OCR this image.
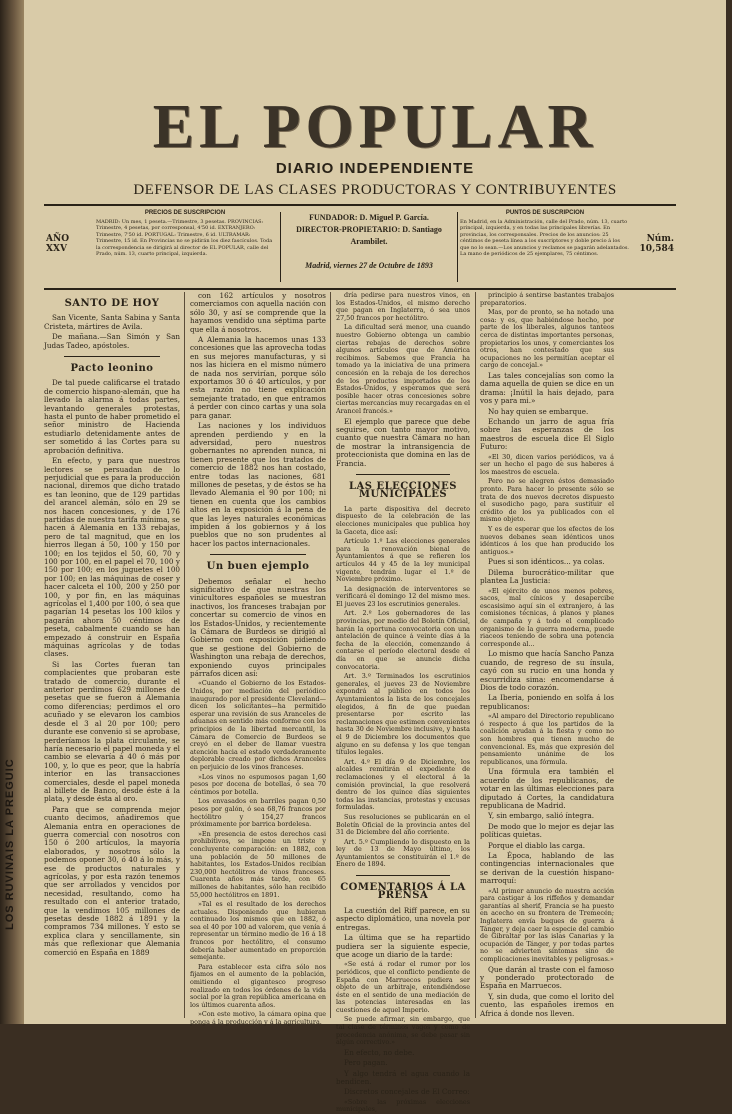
LOS RUVINAIS LA PREGUIC
EL POPULAR
DIARIO INDEPENDIENTE
DEFENSOR DE LAS CLASES PRODUCTORAS Y CONTRIBUYENTES
AÑO XXV
PRECIOS DE SUSCRIPCION
MADRID: Un mes, 1 peseta.—Trimestre, 3 pesetas. PROVINCIAS: Trimestre, 4 pesetas, por corresponsal, 4'50 id. EXTRANJERO: Trimestre, 7'50 id. PORTUGAL: Trimestre, 6 id. ULTRAMAR: Trimestre, 15 id. En Provincias no se pidirán los diez fascículos. Toda la correspondencia se dirigirá al director de EL POPULAR, calle del Prado, núm. 13, cuarto principal, izquierda.
FUNDADOR: D. Miguel P. García.
DIRECTOR-PROPIETARIO: D. Santiago Arambilet.
Madrid, viernes 27 de Octubre de 1893
PUNTOS DE SUSCRIPCION
En Madrid, en la Administración, calle del Prado, núm. 13, cuarto principal, izquierda, y en todas las principales librerías. En provincias, los corresponsales. Precios de los anuncios: 25 céntimos de peseta línea a los suscriptores y doble precio á los que no lo sean.—Los anuncios y reclamos se pagarán adelantados. La mano de periódicos de 25 ejemplares, 75 céntimos.
Núm. 10,584
SANTO DE HOY

San Vicente, Santa Sabina y Santa Cristeta, mártires de Avila.

De mañana.—San Simón y San Judas Tadeo, apóstoles.

Pacto leonino

De tal puede calificarse el tratado de comercio hispano-alemán, que ha llevado la alarma á todas partes, levantando generales protestas, hasta el punto de haber prometido el señor ministro de Hacienda estudiarlo detenidamente antes de ser sometido á las Cortes para su aprobación definitiva.

En efecto, y para que nuestros lectores se persuadan de lo perjudicial que es para la producción nacional, diremos que dicho tratado es tan leonino, que de 129 partidas del arancel alemán, sólo en 29 se nos hacen concesiones, y de 176 partidas de nuestra tarifa mínima, se hacen á Alemania en 133 rebajas, pero de tal magnitud, que en los hierros llegan á 50, 100 y 150 por 100; en los tejidos el 50, 60, 70 y 100 por 100, en el papel el 70, 100 y 150 por 100; en los juguetes el 100 por 100; en las máquinas de coser y hacer calceta el 100, 200 y 250 por 100, y por fin, en las máquinas agrícolas el 1,400 por 100, ó sea que pagarían 14 pesetas los 100 kilos y pagarán ahora 50 céntimos de peseta, cabalmente cuando se han empezado á construir en España máquinas agrícolas y de todas clases.

Si las Cortes fueran tan complacientes que probaran este tratado de comercio, durante el anterior perdimos 629 millones de pesetas que se fueron á Alemania como diferencias; perdimos el oro acuñado y se elevaron los cambios desde el 3 al 20 por 100; pero durante ese convenio si se aprobase, perderíamos la plata circulante, se haría necesario el papel moneda y el cambio se elevaría á 40 ó más por 100, y, lo que es peor, que la habría interior en las transacciones comerciales, desde el papel moneda al billete de Banco, desde éste á la plata, y desde ésta al oro.

Para que se comprenda mejor cuanto decimos, añadiremos que Alemania entra en operaciones de guerra comercial con nosotros con 150 ó 200 artículos, la mayoría elaborados, y nosotros sólo la podemos oponer 30, ó 40 á lo más, y ese de productos naturales y agrícolas, y por esta razón tenemos que ser arrollados y vencidos por necesidad, resultando, como ha resultado con el anterior tratado, que la vendimos 105 millones de pesetas desde 1882 á 1891 y la compramos 734 millones. Y esto se explica clara y sencillamente, sin más que reflexionar que Alemania comerció en España en 1889

con 162 artículos y nosotros comerciamos con aquella nación con sólo 30, y así se comprende que la hayamos vendido una séptima parte que ella á nosotros.

A Alemania la hacemos unas 133 concesiones que las aprovecha todas en sus mejores manufacturas, y si nos las hiciera en el mismo número de nada nos servirían, porque sólo exportamos 30 ó 40 artículos, y por esta razón no tiene explicación semejante tratado, en que entramos á perder con cinco cartas y una sola para ganar.

Las naciones y los individuos aprenden perdiendo y en la adversidad, pero nuestros gobernantes no aprenden nunca, ni tienen presente que los tratados de comercio de 1882 nos han costado, entre todas las naciones, 681 millones de pesetas, y de éstos se ha llevado Alemania el 90 por 100; ni tienen en cuenta que los cambios altos en la exposición á la pena de que las leyes naturales económicas impiden á los gobiernos y á los pueblos que no son prudentes al hacer los pactos internacionales.

Un buen ejemplo

Debemos señalar el hecho significativo de que nuestras los vinicultores españoles se muestran inactivos, los franceses trabajan por concertar su comercio de vinos en los Estados-Unidos, y recientemente la Cámara de Burdeos se dirigió al Gobierno con exposición pidiendo que se gestione del Gobierno de Washington una rebaja de derechos, exponiendo cuyos principales párrafos dicen así:

«Cuando el Gobierno de los Estados-Unidos, por mediación del periódico inaugurado por el presidente Cleveland—dicen los solicitantes—ha permitido esperar una revisión de sus Aranceles de aduanas en sentido más conforme con los principios de la libertad mercantil, la Cámara de Comercio de Burdeos se creyó en el deber de llamar vuestra atención hacia el estado verdaderamente deplorable creado por dichos Aranceles en perjuicio de los vinos franceses.

»Los vinos no espumosos pagan 1,60 pesos por docena de botellas, ó sea 70 céntimos por botella.

Los envasados en barriles pagan 0,50 pesos por galón, ó sea 68,76 francos por hectólitro y 154,27 francos próximamente por barrica bordelesa.

»En presencia de estos derechos casi prohibitivos, se impone un triste y concluyente comparación: en 1882, con una población de 50 millones de habitantes, los Estados-Unidos recibían 230,000 hectólitros de vinos franceses. Cuarenta años más tarde, con 65 millones de habitantes, sólo han recibido 55,000 hectólitros en 1891.

»Tal es el resultado de los derechos actuales. Disponiendo que hubieran continuado los mismos que en 1882, ó sea el 40 por 100 ad valorem, que venía á representar un término medio de 16 á 18 francos por hectólitro, el consumo debería haber aumentado en proporción semejante.

Para establecer esta cifra sólo nos fijamos en el aumento de la población, omitiendo el gigantesco progreso realizado en todos los órdenes de la vida social por la gran república americana en los últimos cuarenta años.

»Con este motivo, la cámara opina que ponga á la producción y á la agricultura.

dría pedirse para nuestros vinos, en los Estados-Unidos, el mismo derecho que pagan en Inglaterra, ó sea unos 27,50 francos por hectólitro.

La dificultad será menor, una cuando nuestro Gobierno obtenga un cambio ciertas rebajas de derechos sobre algunos artículos que de América recibimos. Sabemos que Francia ha tomado ya la iniciativa de una primera concesión en la rebaja de los derechos de los productos importados de los Estados-Unidos, y esperamos que será posible hacer otras concesiones sobre ciertas mercancías muy recargadas en el Arancel francés.»

El ejemplo que parece que debe seguirse, con tanto mayor motivo, cuanto que nuestra Cámara no han de mostrar la intransigencia de proteccionista que domina en las de Francia.

LAS ELECCIONES MUNICIPALES

La parte dispositiva del decreto dispuesto de la celebración de las elecciones municipales que publica hoy la Gaceta, dice así:

Artículo 1.º Las elecciones generales para la renovación bienal de Ayuntamientos á que se refieren los artículos 44 y 45 de la ley municipal vigente, tendrán lugar el 1.º de Noviembre próximo.

La designación de interventores se verificará el domingo 12 del mismo mes. El jueves 23 los escrutinios generales.

Art. 2.º Los gobernadores de las provincias, por medio del Boletín Oficial, harán la oportuna convocatoria con una antelación de quince á veinte días á la fecha de la elección, comenzando á contarse el período electoral desde el día en que se anuncie dicha convocatoria.

Art. 3.º Terminados los escrutinios generales, el jueves 23 de Noviembre expondrá al público en todos los Ayuntamientos la lista de los concejales elegidos, á fin de que puedan presentarse por escrito las reclamaciones que estimen convenientes hasta 30 de Noviembre inclusive, y hasta el 9 de Diciembre los documentos que alguno en su defensa y los que tengan títulos legales.

Art. 4.º El día 9 de Diciembre, los alcaldes remitirán el expediente de reclamaciones y el electoral á la comisión provincial, la que resolverá dentro de los quince días siguientes todas las instancias, protestas y excusas formuladas.

Sus resoluciones se publicarán en el Boletín Oficial de la provincia antes del 31 de Diciembre del año corriente.

Art. 5.º Cumpliendo lo dispuesto en la ley de 13 de Mayo último, los Ayuntamientos se constituirán el 1.º de Enero de 1894.

COMENTARIOS Á LA PRENSA

La cuestión del Riff parece, en su aspecto diplomático, una novela por entregas.

La última que se ha repartido pudiera ser la siguiente especie, que acoge un diario de la tarde:

«Se está á rodar el rumor por los periódicos, que el conflicto pendiente de España con Marruecos pudiera ser objeto de un arbitraje, entendiéndose éste en el sentido de una mediación de las potencias interesadas en las cuestiones de aquel Imperio.

Se puede afirmar, sin embargo, que tal clase de términos vagos y como de procedencia anónima, se debe pasar sin algún correctivo.»

En efecto, no debe.

Pero pagan.

Y algo tendrá el agua cuando la bendicen.

Discretos concejales de El Correo:

«Sobre las próximas elecciones municipales,

principio á sentirse bastantes trabajos preparatorios.

Mas, por de pronto, se ha notado una cosa: y es, que habiéndose hecho, por parte de los liberales, algunos tanteos cerca de distintas importantes personas, propietarios los unos, y comerciantes los otros, han contestado que sus ocupaciones no les permitían aceptar el cargo de concejal.»

Las tales concejalías son como la dama aquella de quien se dice en un drama: ¡Inútil la hais dejado, para vos y para mi.»

No hay quien se embarque.

Echando un jarro de agua fría sobre las esperanzas de los maestros de escuela dice El Siglo Futuro:

«El 30, dicen varios periódicos, va á ser un hecho el pago de sus haberes á los maestros de escuela.

Pero no se alegren éstos demasiado pronto. Para hacer lo presente sólo se trata de dos nuevos decretos dispuesto el susodicho pago, para sustituir el crédito de los ya publicados con el mismo objeto.

Y es de esperar que los efectos de los nuevos debanes sean idénticos unos idénticos á los que han producido los antiguos.»

Pues si son idénticos... ya colas.

Dilema burocrático-militar que plantea La Justicia:

«El ejército de unos menos pobres, sacos, mal cínicos y desapercibe escasisimo aquí sin el extranjero, á las comisiones técnicas, á planos y planes de campaña y á todo el complicado organismo de la guerra moderna, puede riaceos teniendo de sobra una potencia corresponde al...

Lo mismo que hacía Sancho Panza cuando, de regreso de su ínsula, cayó con su rucio en una honda y escurridiza sima: encomendarse á Dios de todo corazón.

La Iberia, poniendo en solfa á los republicanos:

«Al amparo del Directorio republicano ó respecto á que los partidos de la coalición ayudan á la fiesta y como no son hombres que tienen mucho de convencional. Es, más que expresión del pensamiento unánime de los republicanos, una fórmula.

Una fórmula era también el acuerdo de los republicanos, de votar en las últimas elecciones para diputado á Cortes, la candidatura republicana de Madrid.

Y, sin embargo, salió íntegra.

De modo que lo mejor es dejar las políticas quietas.

Porque el diablo las carga.

La Época, hablando de las contingencias internacionales que se derivan de la cuestión hispano-marroquí:

«Al primer anuncio de nuestra acción para castigar á los riffeños y demandar garantías al sherif, Francia se ha puesto en acecho en su frontera de Tremecén; Inglaterra envía buques de guerra á Tánger, y deja caer la especie del cambio de Gibraltar por las islas Canarias y la ocupación de Tánger, y por todas partes no se advierten síntomas sino de complicaciones inevitables y peligrosas.»

Que darán al traste con el famoso y ponderado protectorado de España en Marruecos.

Y, sin duda, que como el lorito del cuento, las españoles iremos en Africa á donde nos lleven.
